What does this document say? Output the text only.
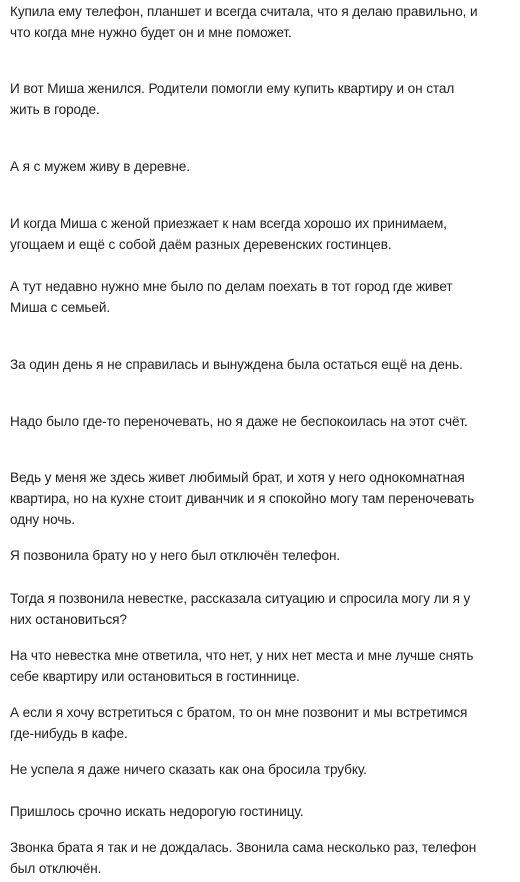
Купила ему телефон, планшет и всегда считала, что я делаю правильно, и
что когда мне нужно будет он и мне поможет.

И вот Миша женился. Родители помогли ему купить квартиру и он стал
жить в городе.

А я с мужем живу в деревне.

И когда Миша с женой приезжает к нам всегда хорошо их принимаем,
угощаем и ещё с собой даём разных деревенских гостинцев.

А тут недавно нужно мне было по делам поехать в тот город где живет
Миша с семьей.

За один день я не справилась и вынуждена была остаться ещё на день.

Надо было где-то переночевать, но я даже не беспокоилась на этот счёт.

Ведь у меня же здесь живет любимый брат, и хотя у него однокомнатная
квартира, но на кухне стоит диванчик и я спокойно могу там переночевать
одну ночь.

Я позвонила брату но у него был отключён телефон.

Тогда я позвонила невестке, рассказала ситуацию и спросила могу ли я у
них остановиться?

На что невестка мне ответила, что нет, у них нет места и мне лучше снять
себе квартиру или остановиться в гостиннице.

А если я хочу встретиться с братом, то он мне позвонит и мы встретимся
где-нибудь в кафе.

Не успела я даже ничего сказать как она бросила трубку.

Пришлось срочно искать недорогую гостиницу.

Звонка брата я так и не дождалась. Звонила сама несколько раз, телефон
был отключён.
